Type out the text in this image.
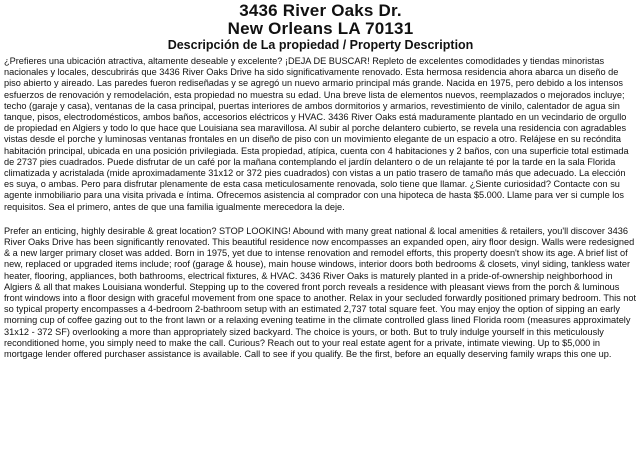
3436 River Oaks Dr.
New Orleans LA 70131
Descripción de La propiedad / Property Description

¿Prefieres una ubicación atractiva, altamente deseable y excelente? ¡DEJA DE BUSCAR! Repleto de excelentes comodidades y tiendas minoristas nacionales y locales, descubrirás que 3436 River Oaks Drive ha sido significativamente renovado. Esta hermosa residencia ahora abarca un diseño de piso abierto y aireado. Las paredes fueron rediseñadas y se agregó un nuevo armario principal más grande. Nacida en 1975, pero debido a los intensos esfuerzos de renovación y remodelación, esta propiedad no muestra su edad. Una breve lista de elementos nuevos, reemplazados o mejorados incluye; techo (garaje y casa), ventanas de la casa principal, puertas interiores de ambos dormitorios y armarios, revestimiento de vinilo, calentador de agua sin tanque, pisos, electrodomésticos, ambos baños, accesorios eléctricos y HVAC. 3436 River Oaks está maduramente plantado en un vecindario de orgullo de propiedad en Algiers y todo lo que hace que Louisiana sea maravillosa. Al subir al porche delantero cubierto, se revela una residencia con agradables vistas desde el porche y luminosas ventanas frontales en un diseño de piso con un movimiento elegante de un espacio a otro. Relájese en su recóndita habitación principal, ubicada en una posición privilegiada. Esta propiedad, atípica, cuenta con 4 habitaciones y 2 baños, con una superficie total estimada de 2737 pies cuadrados. Puede disfrutar de un café por la mañana contemplando el jardín delantero o de un relajante té por la tarde en la sala Florida climatizada y acristalada (mide aproximadamente 31x12 or 372 pies cuadrados) con vistas a un patio trasero de tamaño más que adecuado. La elección es suya, o ambas. Pero para disfrutar plenamente de esta casa meticulosamente renovada, solo tiene que llamar. ¿Siente curiosidad? Contacte con su agente inmobiliario para una visita privada e íntima. Ofrecemos asistencia al comprador con una hipoteca de hasta $5.000. Llame para ver si cumple los requisitos. Sea el primero, antes de que una familia igualmente merecedora la deje.

Prefer an enticing, highly desirable & great location? STOP LOOKING! Abound with many great national & local amenities & retailers, you'll discover 3436 River Oaks Drive has been significantly renovated. This beautiful residence now encompasses an expanded open, airy floor design. Walls were redesigned & a new larger primary closet was added. Born in 1975, yet due to intense renovation and remodel efforts, this property doesn't show its age. A brief list of new, replaced or upgraded items include; roof (garage & house), main house windows, interior doors both bedrooms & closets, vinyl siding, tankless water heater, flooring, appliances, both bathrooms, electrical fixtures, & HVAC. 3436 River Oaks is maturely planted in a pride-of-ownership neighborhood in Algiers & all that makes Louisiana wonderful. Stepping up to the covered front porch reveals a residence with pleasant views from the porch & luminous front windows into a floor design with graceful movement from one space to another. Relax in your secluded forwardly positioned primary bedroom. This not so typical property encompasses a 4-bedroom 2-bathroom setup with an estimated 2,737 total square feet. You may enjoy the option of sipping an early morning cup of coffee gazing out to the front lawn or a relaxing evening teatime in the climate controlled glass lined Florida room (measures approximately 31x12 - 372 SF) overlooking a more than appropriately sized backyard. The choice is yours, or both. But to truly indulge yourself in this meticulously reconditioned home, you simply need to make the call. Curious? Reach out to your real estate agent for a private, intimate viewing. Up to $5,000 in mortgage lender offered purchaser assistance is available. Call to see if you qualify. Be the first, before an equally deserving family wraps this one up.
